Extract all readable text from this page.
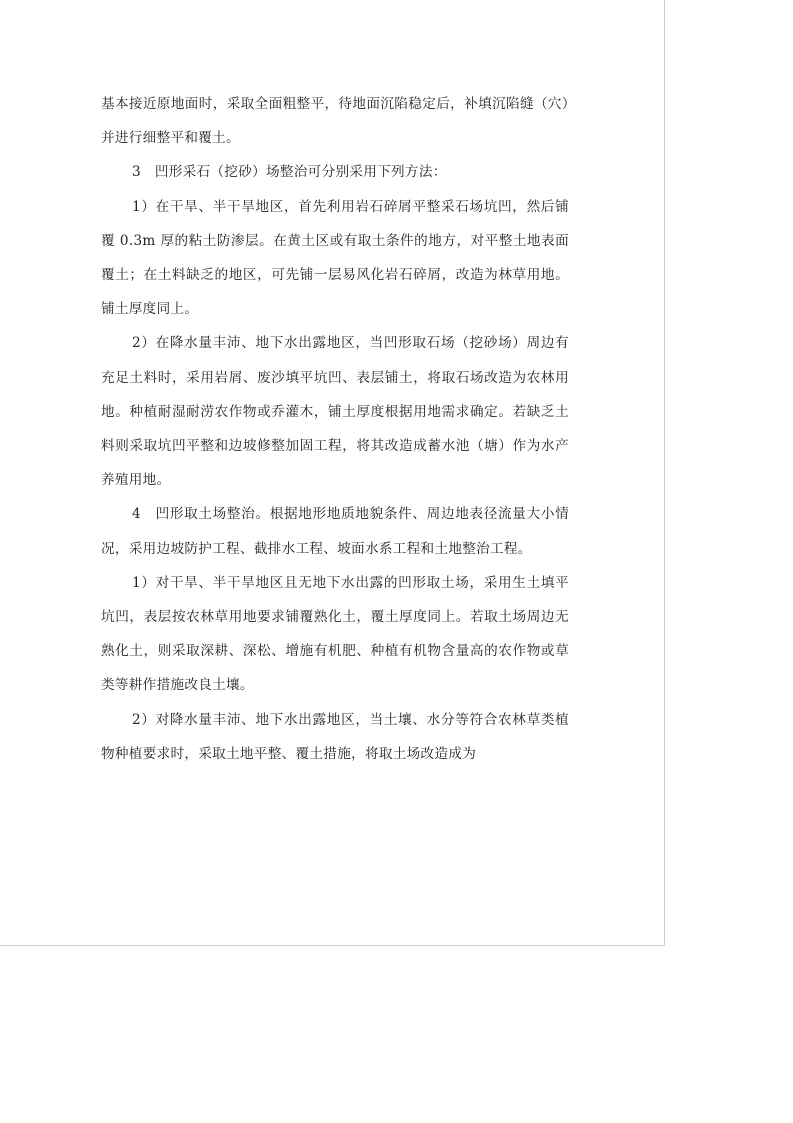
基本接近原地面时，采取全面粗整平，待地面沉陷稳定后，补填沉陷缝（穴）并进行细整平和覆土。

3　凹形采石（挖砂）场整治可分别采用下列方法：

1）在干旱、半干旱地区，首先利用岩石碎屑平整采石场坑凹，然后铺覆 0.3m 厚的粘土防渗层。在黄土区或有取土条件的地方，对平整土地表面覆土；在土料缺乏的地区，可先铺一层易风化岩石碎屑，改造为林草用地。铺土厚度同上。

2）在降水量丰沛、地下水出露地区，当凹形取石场（挖砂场）周边有充足土料时，采用岩屑、废沙填平坑凹、表层铺土，将取石场改造为农林用地。种植耐湿耐涝农作物或乔灌木，铺土厚度根据用地需求确定。若缺乏土料则采取坑凹平整和边坡修整加固工程，将其改造成蓄水池（塘）作为水产养殖用地。

4　凹形取土场整治。根据地形地质地貌条件、周边地表径流量大小情况，采用边坡防护工程、截排水工程、坡面水系工程和土地整治工程。

1）对干旱、半干旱地区且无地下水出露的凹形取土场，采用生土填平坑凹，表层按农林草用地要求铺覆熟化土，覆土厚度同上。若取土场周边无熟化土，则采取深耕、深松、增施有机肥、种植有机物含量高的农作物或草类等耕作措施改良土壤。

2）对降水量丰沛、地下水出露地区，当土壤、水分等符合农林草类植物种植要求时，采取土地平整、覆土措施，将取土场改造成为
